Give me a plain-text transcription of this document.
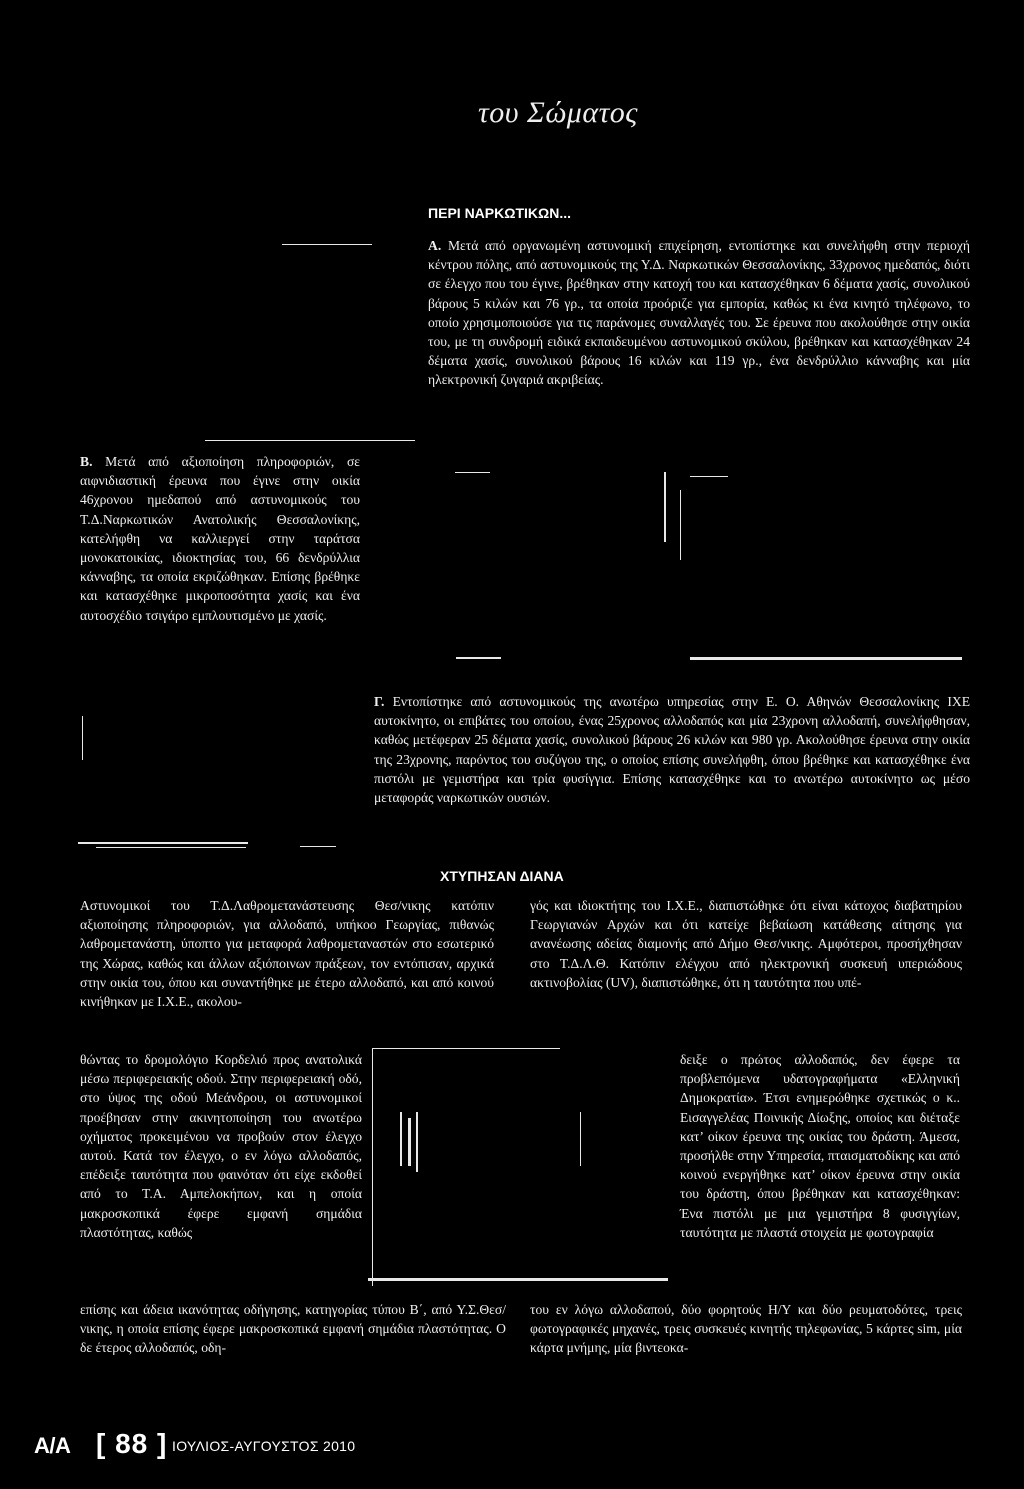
του Σώματος
ΠΕΡΙ ΝΑΡΚΩΤΙΚΩΝ...

Α. Μετά από οργανωμένη αστυνομική επιχείρηση, εντοπίστηκε και συνελήφθη στην περιοχή κέντρου πόλης, από αστυνομικούς της Υ.Δ. Ναρκωτικών Θεσσαλονίκης, 33χρονος ημεδαπός, διότι σε έλεγχο που του έγινε, βρέθηκαν στην κατοχή του και κατασχέθηκαν 6 δέματα χασίς, συνολικού βάρους 5 κιλών και 76 γρ., τα οποία προόριζε για εμπορία, καθώς κι ένα κινητό τηλέφωνο, το οποίο χρησιμοποιούσε για τις παράνομες συναλλαγές του. Σε έρευνα που ακολούθησε στην οικία του, με τη συνδρομή ειδικά εκπαιδευμένου αστυνομικού σκύλου, βρέθηκαν και κατασχέθηκαν 24 δέματα χασίς, συνολικού βάρους 16 κιλών και 119 γρ., ένα δενδρύλλιο κάνναβης και μία ηλεκτρονική ζυγαριά ακριβείας.

Β. Μετά από αξιοποίηση πληροφοριών, σε αιφνιδιαστική έρευνα που έγινε στην οικία 46χρονου ημεδαπού από αστυνομικούς του Τ.Δ.Ναρκωτικών Ανατολικής Θεσσαλονίκης, κατελήφθη να καλλιεργεί στην ταράτσα μονοκατοικίας, ιδιοκτησίας του, 66 δενδρύλλια κάνναβης, τα οποία εκριζώθηκαν. Επίσης βρέθηκε και κατασχέθηκε μικροποσότητα χασίς και ένα αυτοσχέδιο τσιγάρο εμπλουτισμένο με χασίς.

Γ. Εντοπίστηκε από αστυνομικούς της ανωτέρω υπηρεσίας στην Ε. Ο. Αθηνών Θεσσαλονίκης ΙΧΕ αυτοκίνητο, οι επιβάτες του οποίου, ένας 25χρονος αλλοδαπός και μία 23χρονη αλλοδαπή, συνελήφθησαν, καθώς μετέφεραν 25 δέματα χασίς, συνολικού βάρους 26 κιλών και 980 γρ. Ακολούθησε έρευνα στην οικία της 23χρονης, παρόντος του συζύγου της, ο οποίος επίσης συνελήφθη, όπου βρέθηκε και κατασχέθηκε ένα πιστόλι με γεμιστήρα και τρία φυσίγγια. Επίσης κατασχέθηκε και το ανωτέρω αυτοκίνητο ως μέσο μεταφοράς ναρκωτικών ουσιών.

ΧΤΥΠΗΣΑΝ ΔΙΑΝΑ

Αστυνομικοί του Τ.Δ.Λαθρομετανάστευσης Θεσ/νικης κατόπιν αξιοποίησης πληροφοριών, για αλλοδαπό, υπήκοο Γεωργίας, πιθανώς λαθρομετανάστη, ύποπτο για μεταφορά λαθρομεταναστών στο εσωτερικό της Χώρας, καθώς και άλλων αξιόποινων πράξεων, τον εντόπισαν, αρχικά στην οικία του, όπου και συναντήθηκε με έτερο αλλοδαπό, και από κοινού κινήθηκαν με Ι.Χ.Ε., ακολου-

θώντας το δρομολόγιο Κορδελιό προς ανατολικά μέσω περιφερειακής οδού. Στην περιφερειακή οδό, στο ύψος της οδού Μεάνδρου, οι αστυνομικοί προέβησαν στην ακινητοποίηση του ανωτέρω οχήματος προκειμένου να προβούν στον έλεγχο αυτού. Κατά τον έλεγχο, ο εν λόγω αλλοδαπός, επέδειξε ταυτότητα που φαινόταν ότι είχε εκδοθεί από το Τ.Α. Αμπελοκήπων, και η οποία μακροσκοπικά έφερε εμφανή σημάδια πλαστότητας, καθώς

επίσης και άδεια ικανότητας οδήγησης, κατηγορίας τύπου Β΄, από Υ.Σ.Θεσ/νικης, η οποία επίσης έφερε μακροσκοπικά εμφανή σημάδια πλαστότητας. Ο δε έτερος αλλοδαπός, οδη-

γός και ιδιοκτήτης του Ι.Χ.Ε., διαπιστώθηκε ότι είναι κάτοχος διαβατηρίου Γεωργιανών Αρχών και ότι κατείχε βεβαίωση κατάθεσης αίτησης για ανανέωσης αδείας διαμονής από Δήμο Θεσ/νικης. Αμφότεροι, προσήχθησαν στο Τ.Δ.Λ.Θ. Κατόπιν ελέγχου από ηλεκτρονική συσκευή υπεριώδους ακτινοβολίας (UV), διαπιστώθηκε, ότι η ταυτότητα που υπέ-

δειξε ο πρώτος αλλοδαπός, δεν έφερε τα προβλεπόμενα υδατογραφήματα «Ελληνική Δημοκρατία». Έτσι ενημερώθηκε σχετικώς ο κ.. Εισαγγελέας Ποινικής Δίωξης, οποίος και διέταξε κατ’ οίκον έρευνα της οικίας του δράστη. Άμεσα, προσήλθε στην Υπηρεσία, πταισματοδίκης και από κοινού ενεργήθηκε κατ’ οίκον έρευνα στην οικία του δράστη, όπου βρέθηκαν και κατασχέθηκαν: Ένα πιστόλι με μια γεμιστήρα 8 φυσιγγίων, ταυτότητα με πλαστά στοιχεία με φωτογραφία

του εν λόγω αλλοδαπού, δύο φορητούς Η/Υ και δύο ρευματοδότες, τρεις φωτογραφικές μηχανές, τρεις συσκευές κινητής τηλεφωνίας, 5 κάρτες sim, μία κάρτα μνήμης, μία βιντεοκα-

A/A [ 88 ] ΙΟΥΛΙΟΣ-ΑΥΓΟΥΣΤΟΣ 2010
